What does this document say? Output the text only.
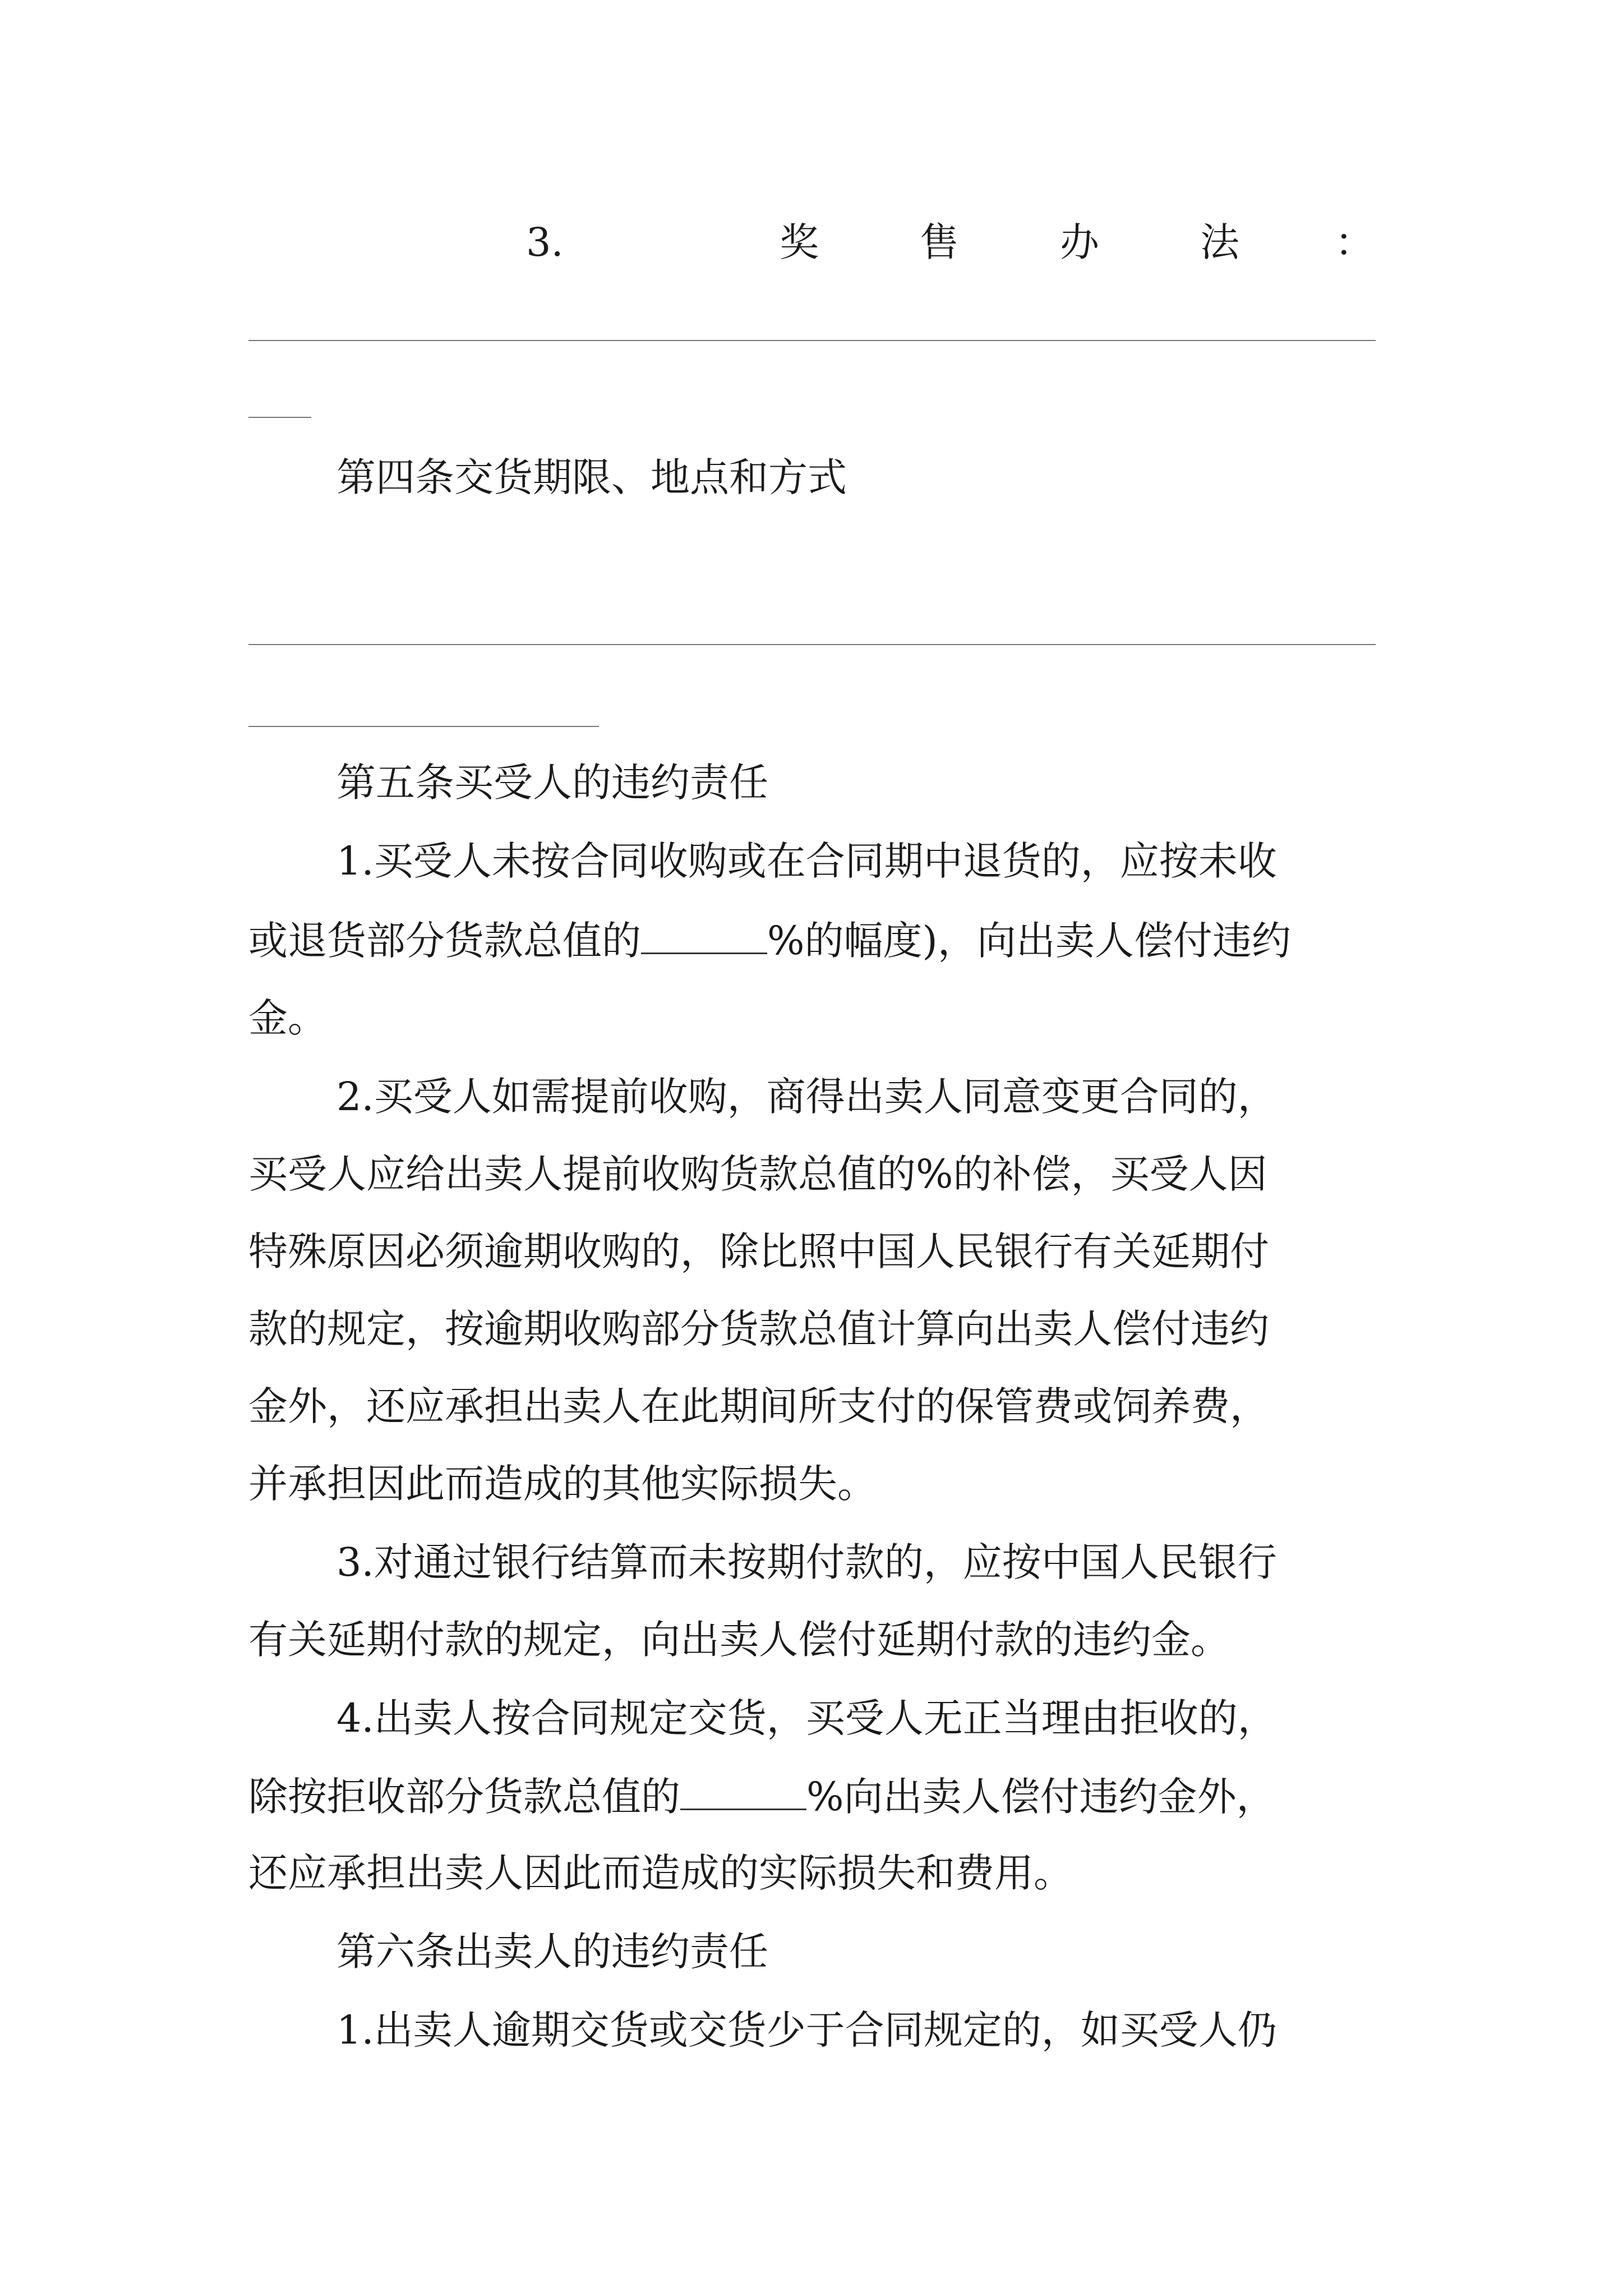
3.	奖	售	办	法 ：
第四条交货期限、地点和方式
第五条买受人的违约责任
1.买受人未按合同收购或在合同期中退货的，应按未收
或退货部分货款总值的	%的幅度)，向出卖人偿付违约
金。
2.买受人如需提前收购，商得出卖人同意变更合同的，
买受人应给出卖人提前收购货款总值的%的补偿，买受人因
特殊原因必须逾期收购的，除比照中国人民银行有关延期付
款的规定，按逾期收购部分货款总值计算向出卖人偿付违约
金外，还应承担出卖人在此期间所支付的保管费或饲养费，
并承担因此而造成的其他实际损失。
3.对通过银行结算而未按期付款的，应按中国人民银行
有关延期付款的规定，向出卖人偿付延期付款的违约金。
4.出卖人按合同规定交货，买受人无正当理由拒收的，
除按拒收部分货款总值的	%向出卖人偿付违约金外，
还应承担出卖人因此而造成的实际损失和费用。
第六条出卖人的违约责任
1.出卖人逾期交货或交货少于合同规定的，如买受人仍
